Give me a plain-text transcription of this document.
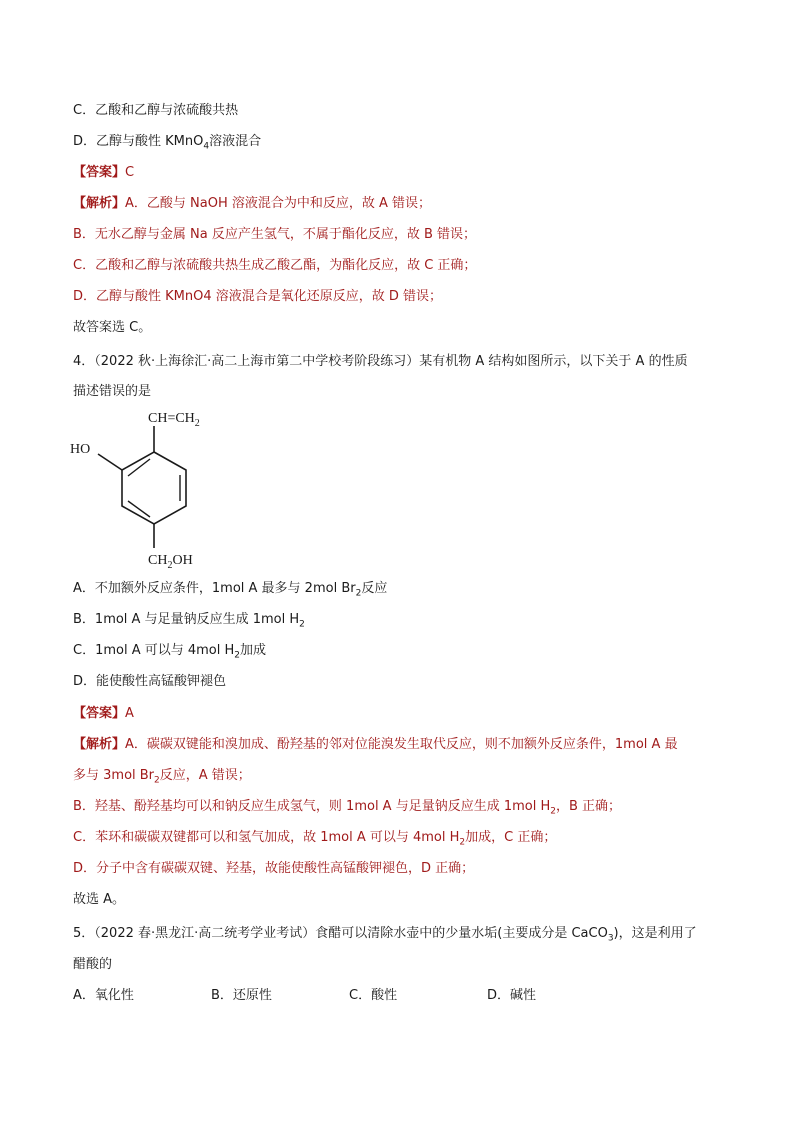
C．乙酸和乙醇与浓硫酸共热
D．乙醇与酸性 KMnO$_4$溶液混合
【答案】C
【解析】A．乙酸与 NaOH 溶液混合为中和反应，故 A 错误；
B．无水乙醇与金属 Na 反应产生氢气，不属于酯化反应，故 B 错误；
C．乙酸和乙醇与浓硫酸共热生成乙酸乙酯，为酯化反应，故 C 正确；
D．乙醇与酸性 KMnO4 溶液混合是氧化还原反应，故 D 错误；
故答案选 C。
4．（2022 秋·上海徐汇·高二上海市第二中学校考阶段练习）某有机物 A 结构如图所示，以下关于 A 的性质
描述错误的是
$CH=CH_2$
HO
$CH_2OH$
A．不加额外反应条件，1mol A 最多与 2mol $Br_2$反应
B．1mol A 与足量钠反应生成 1mol $H_2$
C．1mol A 可以与 4mol $H_2$加成
D．能使酸性高锰酸钾褪色
【答案】A
【解析】A．碳碳双键能和溴加成、酚羟基的邻对位能溴发生取代反应，则不加额外反应条件，1mol A 最
多与 3mol $Br_2$反应，A 错误；
B．羟基、酚羟基均可以和钠反应生成氢气，则 1mol A 与足量钠反应生成 1mol $H_2$，B 正确；
C．苯环和碳碳双键都可以和氢气加成，故 1mol A 可以与 4mol $H_2$加成，C 正确；
D．分子中含有碳碳双键、羟基，故能使酸性高锰酸钾褪色，D 正确；
故选 A。
5．（2022 春·黑龙江·高二统考学业考试）食醋可以清除水壶中的少量水垢(主要成分是 CaCO$_3$)，这是利用了
醋酸的
A．氧化性	B．还原性	C．酸性	D．碱性
